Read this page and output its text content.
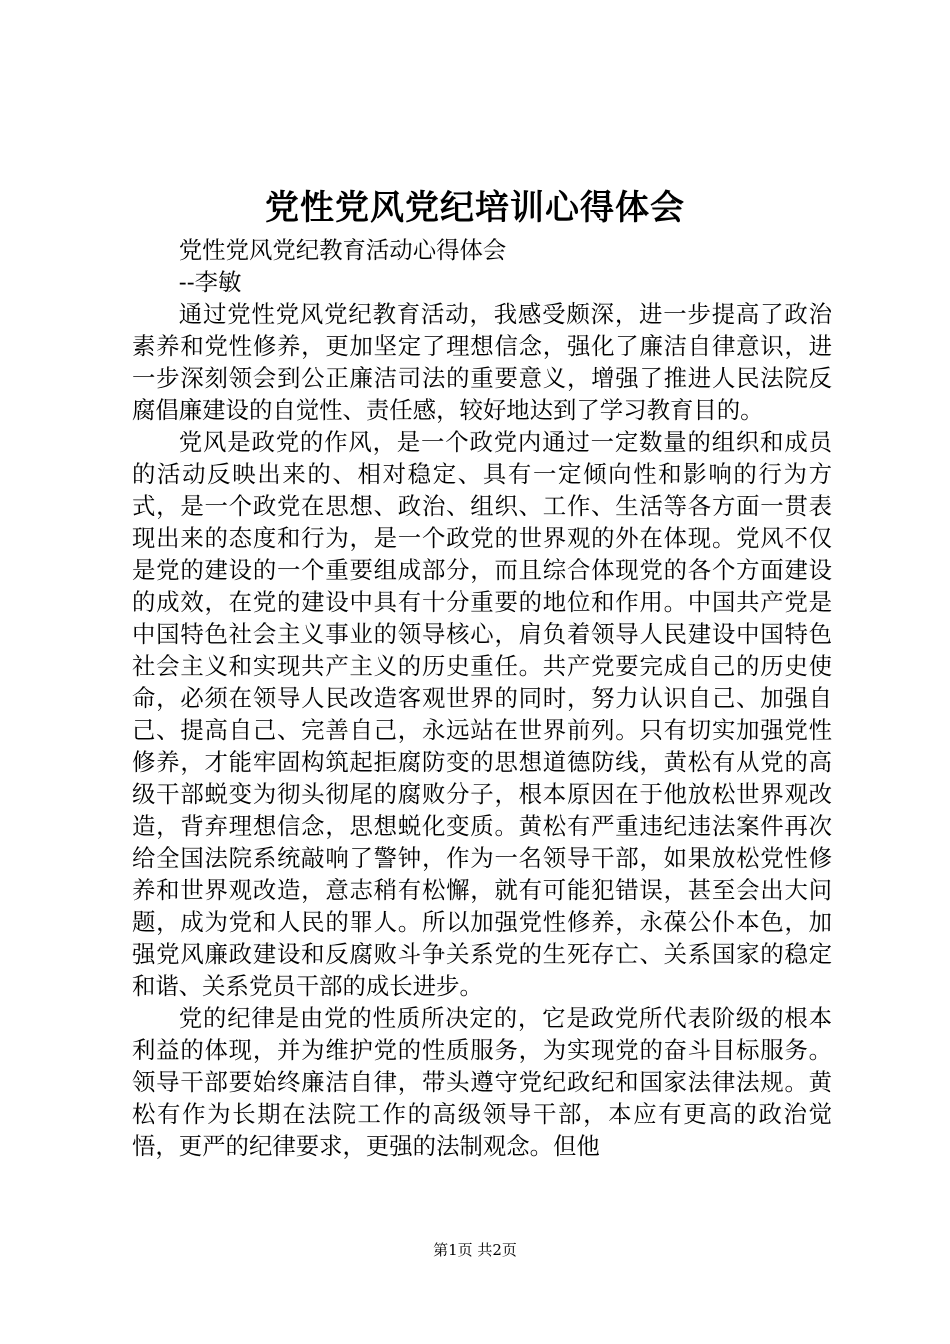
党性党风党纪培训心得体会
党性党风党纪教育活动心得体会
--李敏

通过党性党风党纪教育活动，我感受颇深，进一步提高了政治素养和党性修养，更加坚定了理想信念，强化了廉洁自律意识，进一步深刻领会到公正廉洁司法的重要意义，增强了推进人民法院反腐倡廉建设的自觉性、责任感，较好地达到了学习教育目的。

党风是政党的作风，是一个政党内通过一定数量的组织和成员的活动反映出来的、相对稳定、具有一定倾向性和影响的行为方式，是一个政党在思想、政治、组织、工作、生活等各方面一贯表现出来的态度和行为，是一个政党的世界观的外在体现。党风不仅是党的建设的一个重要组成部分，而且综合体现党的各个方面建设的成效，在党的建设中具有十分重要的地位和作用。中国共产党是中国特色社会主义事业的领导核心，肩负着领导人民建设中国特色社会主义和实现共产主义的历史重任。共产党要完成自己的历史使命，必须在领导人民改造客观世界的同时，努力认识自己、加强自己、提高自己、完善自己，永远站在世界前列。只有切实加强党性修养，才能牢固构筑起拒腐防变的思想道德防线，黄松有从党的高级干部蜕变为彻头彻尾的腐败分子，根本原因在于他放松世界观改造，背弃理想信念，思想蜕化变质。黄松有严重违纪违法案件再次给全国法院系统敲响了警钟，作为一名领导干部，如果放松党性修养和世界观改造，意志稍有松懈，就有可能犯错误，甚至会出大问题，成为党和人民的罪人。所以加强党性修养，永葆公仆本色，加强党风廉政建设和反腐败斗争关系党的生死存亡、关系国家的稳定和谐、关系党员干部的成长进步。

党的纪律是由党的性质所决定的，它是政党所代表阶级的根本利益的体现，并为维护党的性质服务，为实现党的奋斗目标服务。领导干部要始终廉洁自律，带头遵守党纪政纪和国家法律法规。黄松有作为长期在法院工作的高级领导干部，本应有更高的政治觉悟，更严的纪律要求，更强的法制观念。但他

第1页 共2页
